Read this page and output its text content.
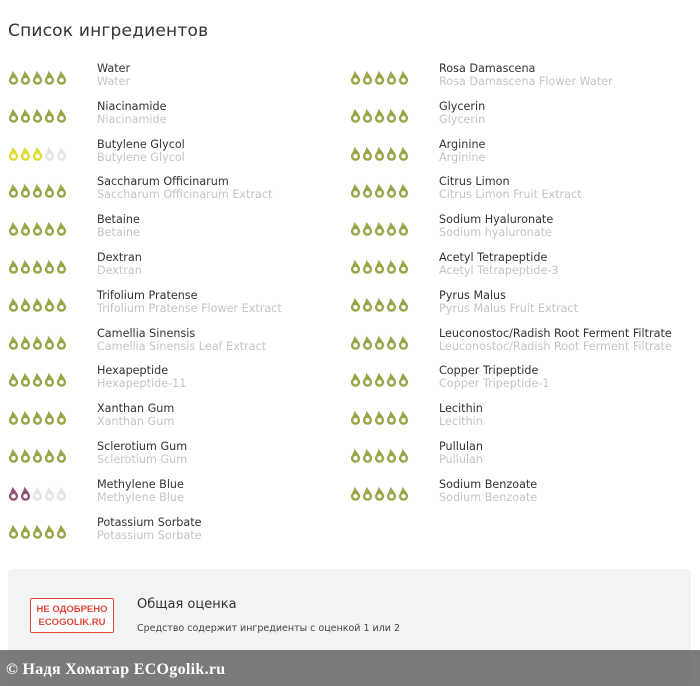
Список ингредиентов
Water
Water
Niacinamide
Niacinamide
Butylene Glycol
Butylene Glycol
Saccharum Officinarum
Saccharum Officinarum Extract
Betaine
Betaine
Dextran
Dextran
Trifolium Pratense
Trifolium Pratense Flower Extract
Camellia Sinensis
Camellia Sinensis Leaf Extract
Hexapeptide
Hexapeptide-11
Xanthan Gum
Xanthan Gum
Sclerotium Gum
Sclerotium Gum
Methylene Blue
Methylene Blue
Potassium Sorbate
Potassium Sorbate
Rosa Damascena
Rosa Damascena Flower Water
Glycerin
Glycerin
Arginine
Arginine
Citrus Limon
Citrus Limon Fruit Extract
Sodium Hyaluronate
Sodium hyaluronate
Acetyl Tetrapeptide
Acetyl Tetrapeptide-3
Pyrus Malus
Pyrus Malus Fruit Extract
Leuconostoc/Radish Root Ferment Filtrate
Leuconostoc/Radish Root Ferment Filtrate
Copper Tripeptide
Copper Tripeptide-1
Lecithin
Lecithin
Pullulan
Pullulan
Sodium Benzoate
Sodium Benzoate
НЕ ОДОБРЕНО
ECOGOLIK.RU
Общая оценка
Средство содержит ингредиенты с оценкой 1 или 2
© Надя Хоматар ECOgolik.ru
